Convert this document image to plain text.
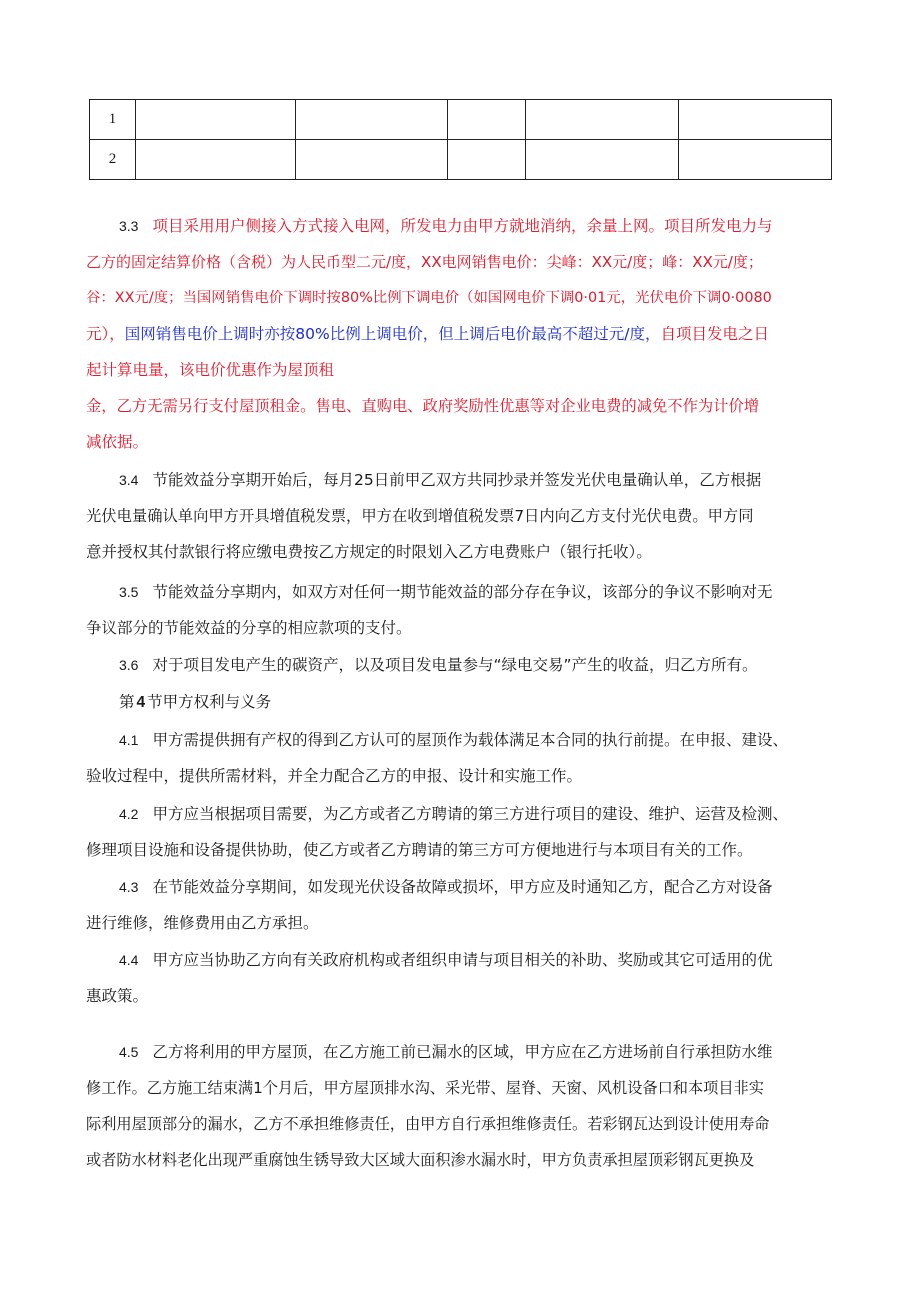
1					
2					
3.3 项目采用用户侧接入方式接入电网，所发电力由甲方就地消纳，余量上网。项目所发电力与
乙方的固定结算价格（含税）为人民币型二元/度，XX电网销售电价：尖峰：XX元/度；峰：XX元/度；
谷：XX元/度；当国网销售电价下调时按80%比例下调电价（如国网电价下调0·01元，光伏电价下调0·0080
元），国网销售电价上调时亦按80%比例上调电价，但上调后电价最高不超过元/度，自项目发电之日
起计算电量，该电价优惠作为屋顶租
金，乙方无需另行支付屋顶租金。售电、直购电、政府奖励性优惠等对企业电费的减免不作为计价增
减依据。
3.4 节能效益分享期开始后，每月25日前甲乙双方共同抄录并签发光伏电量确认单，乙方根据
光伏电量确认单向甲方开具增值税发票，甲方在收到增值税发票7日内向乙方支付光伏电费。甲方同
意并授权其付款银行将应缴电费按乙方规定的时限划入乙方电费账户（银行托收）。
3.5 节能效益分享期内，如双方对任何一期节能效益的部分存在争议，该部分的争议不影响对无
争议部分的节能效益的分享的相应款项的支付。
3.6 对于项目发电产生的碳资产，以及项目发电量参与“绿电交易”产生的收益，归乙方所有。
第 4 节甲方权利与义务
4.1 甲方需提供拥有产权的得到乙方认可的屋顶作为载体满足本合同的执行前提。在申报、建设、
验收过程中，提供所需材料，并全力配合乙方的申报、设计和实施工作。
4.2 甲方应当根据项目需要，为乙方或者乙方聘请的第三方进行项目的建设、维护、运营及检测、
修理项目设施和设备提供协助，使乙方或者乙方聘请的第三方可方便地进行与本项目有关的工作。
4.3 在节能效益分享期间，如发现光伏设备故障或损坏，甲方应及时通知乙方，配合乙方对设备
进行维修，维修费用由乙方承担。
4.4 甲方应当协助乙方向有关政府机构或者组织申请与项目相关的补助、奖励或其它可适用的优
惠政策。
4.5 乙方将利用的甲方屋顶，在乙方施工前已漏水的区域，甲方应在乙方进场前自行承担防水维
修工作。乙方施工结束满1个月后，甲方屋顶排水沟、采光带、屋脊、天窗、风机设备口和本项目非实
际利用屋顶部分的漏水，乙方不承担维修责任，由甲方自行承担维修责任。若彩钢瓦达到设计使用寿命
或者防水材料老化出现严重腐蚀生锈导致大区域大面积渗水漏水时，甲方负责承担屋顶彩钢瓦更换及
